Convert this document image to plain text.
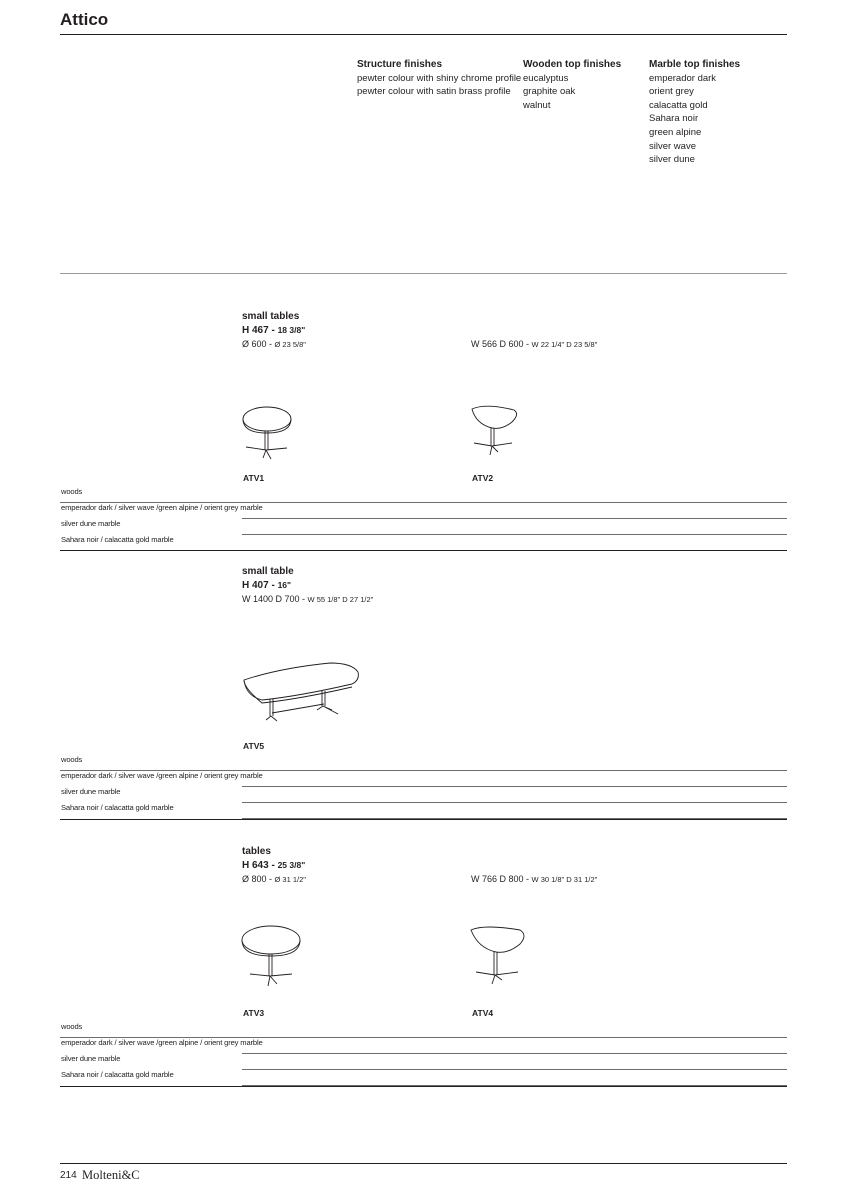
Attico
Structure finishes
pewter colour with shiny chrome profile
pewter colour with satin brass profile
Wooden top finishes
eucalyptus
graphite oak
walnut
Marble top finishes
emperador dark
orient grey
calacatta gold
Sahara noir
green alpine
silver wave
silver dune
small tables
H 467 - 18 3/8"
Ø 600 - Ø 23 5/8"	W 566 D 600 - W 22 1/4" D 23 5/8"
ATV1	ATV2
woods
emperador dark / silver wave /green alpine / orient grey marble
silver dune marble
Sahara noir / calacatta gold marble
small table
H 407 - 16"
W 1400 D 700 - W 55 1/8" D 27 1/2"
ATV5
woods
emperador dark / silver wave /green alpine / orient grey marble
silver dune marble
Sahara noir / calacatta gold marble
tables
H 643 - 25 3/8"
Ø 800 - Ø 31 1/2"	W 766 D 800 - W 30 1/8" D 31 1/2"
ATV3	ATV4
woods
emperador dark / silver wave /green alpine / orient grey marble
silver dune marble
Sahara noir / calacatta gold marble
214 Molteni&C
